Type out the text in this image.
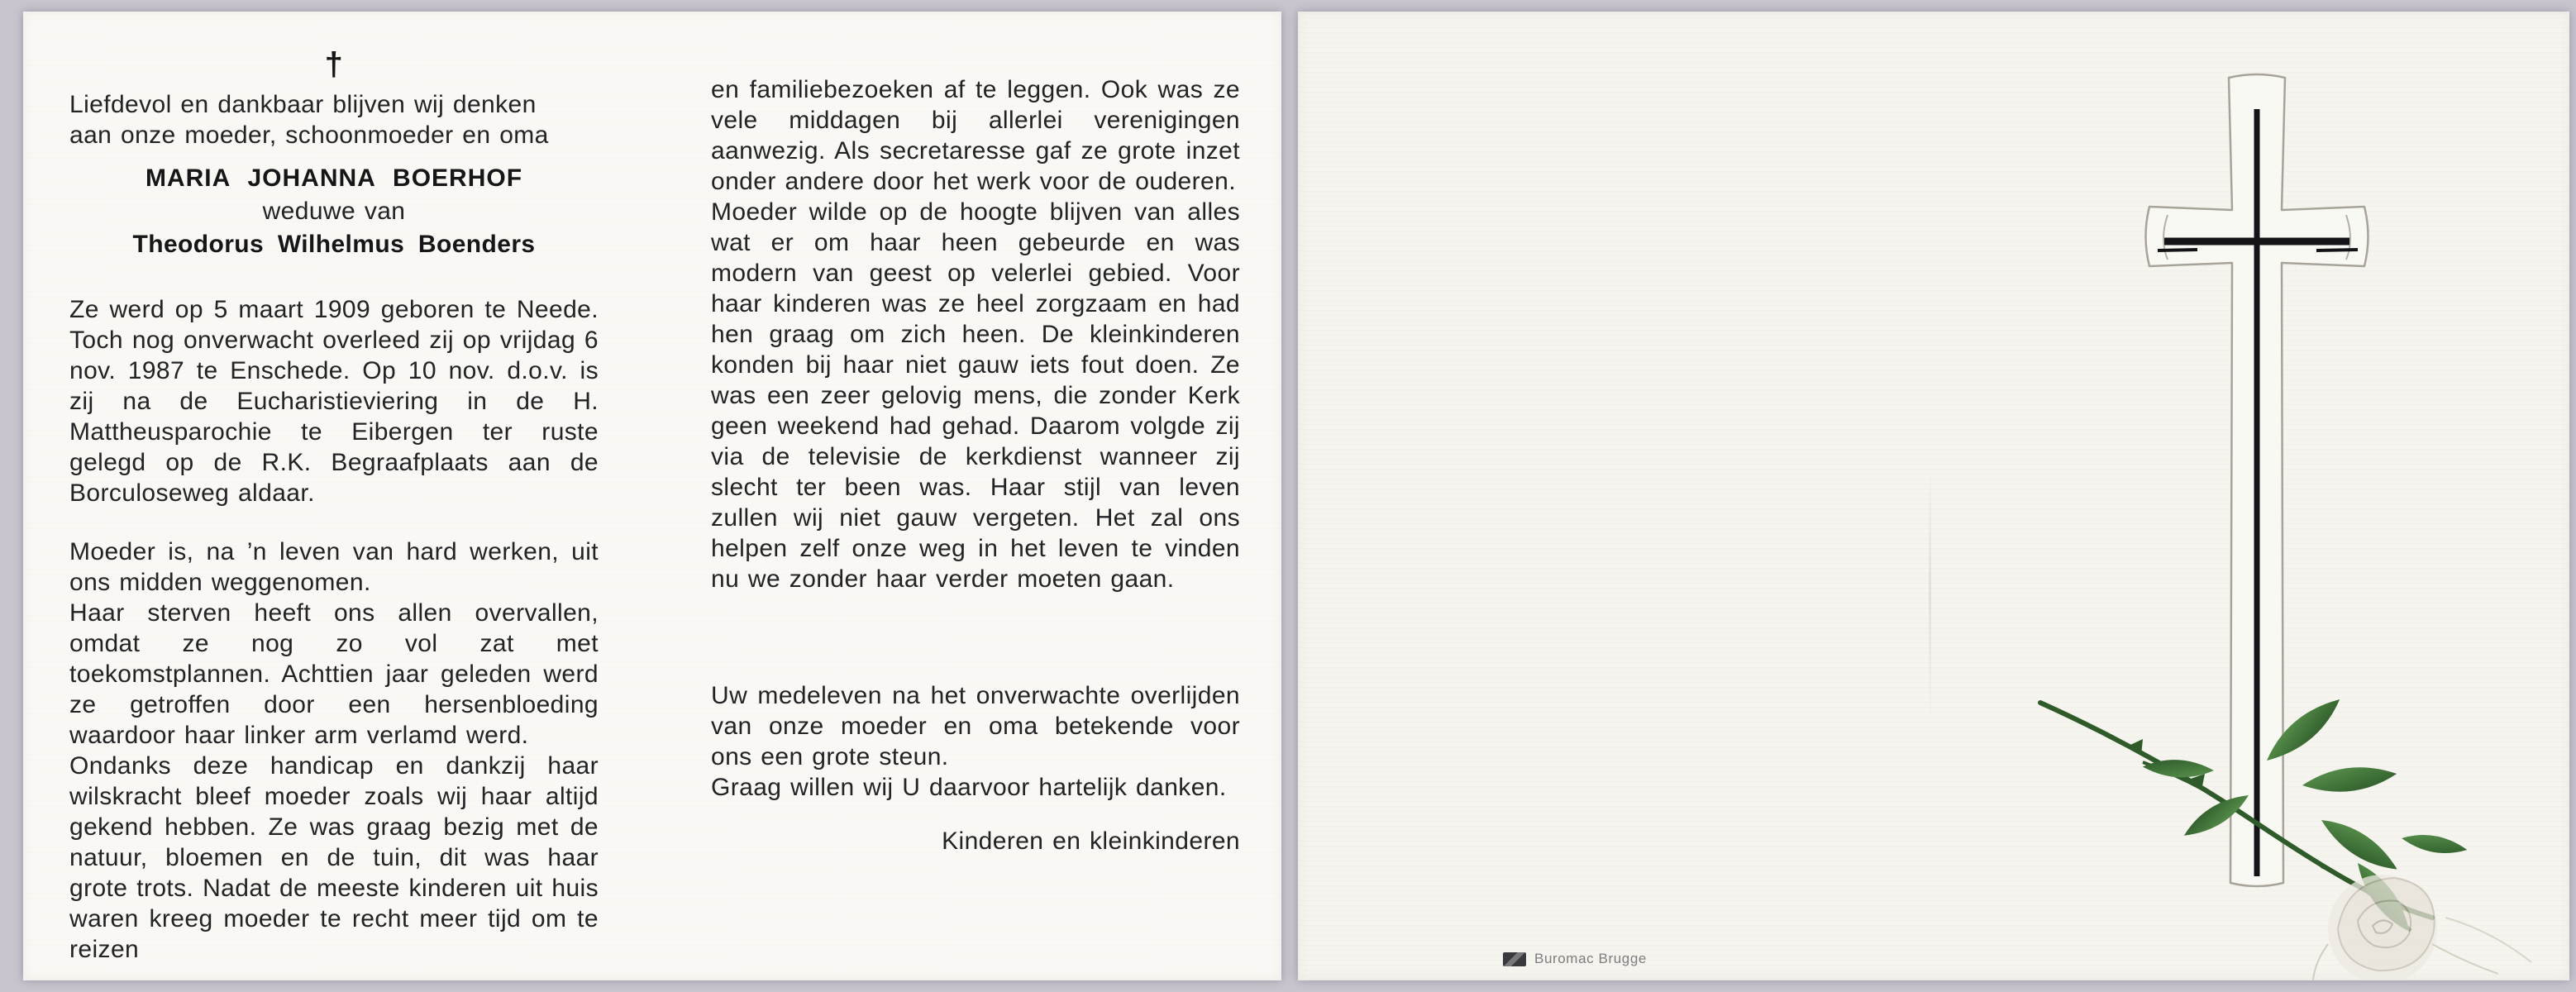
†

Liefdevol en dankbaar blijven wij denken
aan onze moeder, schoonmoeder en oma

MARIA JOHANNA BOERHOF

weduwe van

Theodorus Wilhelmus Boenders

Ze werd op 5 maart 1909 geboren te Neede. Toch nog onverwacht overleed zij op vrijdag 6 nov. 1987 te Enschede. Op 10 nov. d.o.v. is zij na de Eucharistieviering in de H. Mattheusparochie te Eibergen ter ruste gelegd op de R.K. Begraafplaats aan de Borculoseweg aldaar.

Moeder is, na ’n leven van hard werken, uit ons midden weggenomen.

Haar sterven heeft ons allen overvallen, omdat ze nog zo vol zat met toekomstplannen. Achttien jaar geleden werd ze getroffen door een hersenbloeding waardoor haar linker arm verlamd werd.

Ondanks deze handicap en dankzij haar wilskracht bleef moeder zoals wij haar altijd gekend hebben. Ze was graag bezig met de natuur, bloemen en de tuin, dit was haar grote trots. Nadat de meeste kinderen uit huis waren kreeg moeder te recht meer tijd om te reizen

en familiebezoeken af te leggen. Ook was ze vele middagen bij allerlei verenigingen aanwezig. Als secretaresse gaf ze grote inzet onder andere door het werk voor de ouderen.

Moeder wilde op de hoogte blijven van alles wat er om haar heen gebeurde en was modern van geest op velerlei gebied. Voor haar kinderen was ze heel zorgzaam en had hen graag om zich heen. De kleinkinderen konden bij haar niet gauw iets fout doen. Ze was een zeer gelovig mens, die zonder Kerk geen weekend had gehad. Daarom volgde zij via de televisie de kerkdienst wanneer zij slecht ter been was. Haar stijl van leven zullen wij niet gauw vergeten. Het zal ons helpen zelf onze weg in het leven te vinden nu we zonder haar verder moeten gaan.

Uw medeleven na het onverwachte overlijden van onze moeder en oma betekende voor ons een grote steun.

Graag willen wij U daarvoor hartelijk danken.

Kinderen en kleinkinderen

Buromac Brugge
